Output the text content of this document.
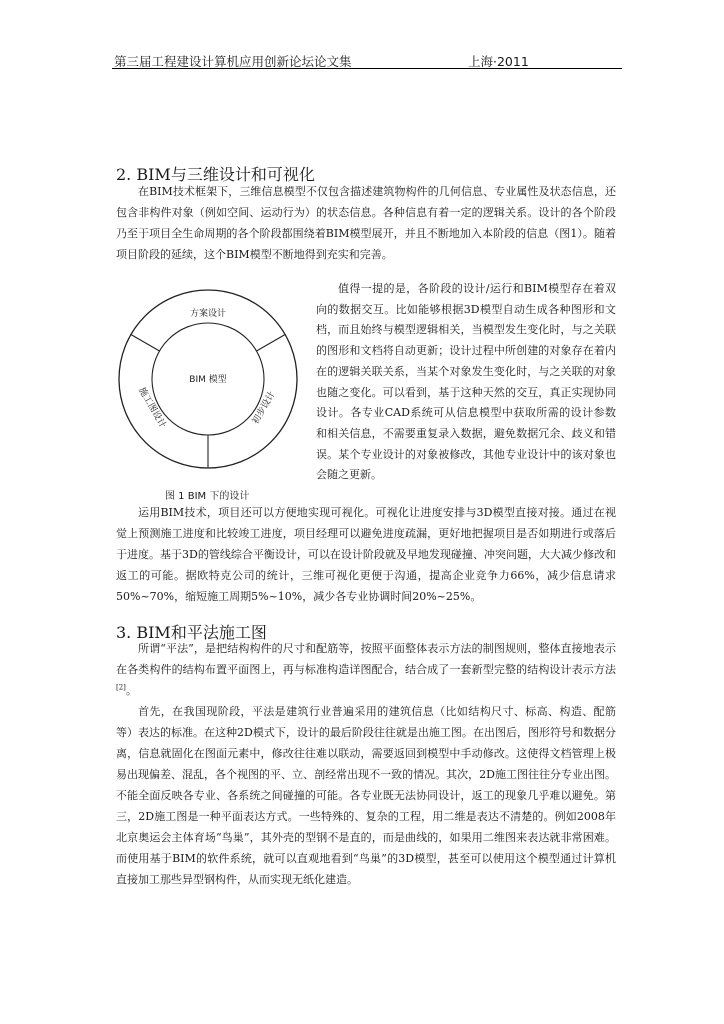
第三届工程建设计算机应用创新论坛论文集	上海·2011
2. BIM与三维设计和可视化

在BIM技术框架下，三维信息模型不仅包含描述建筑物构件的几何信息、专业属性及状态信息，还包含非构件对象（例如空间、运动行为）的状态信息。各种信息有着一定的逻辑关系。设计的各个阶段乃至于项目全生命周期的各个阶段都围绕着BIM模型展开，并且不断地加入本阶段的信息（图1）。随着项目阶段的延续，这个BIM模型不断地得到充实和完善。

BIM 模型
方案设计
施工图设计	初步设计

值得一提的是，各阶段的设计/运行和BIM模型存在着双向的数据交互。比如能够根据3D模型自动生成各种图形和文档，而且始终与模型逻辑相关，当模型发生变化时，与之关联的图形和文档将自动更新；设计过程中所创建的对象存在着内在的逻辑关联关系，当某个对象发生变化时，与之关联的对象也随之变化。可以看到，基于这种天然的交互，真正实现协同设计。各专业CAD系统可从信息模型中获取所需的设计参数和相关信息，不需要重复录入数据，避免数据冗余、歧义和错误。某个专业设计的对象被修改，其他专业设计中的该对象也会随之更新。

图 1 BIM 下的设计

运用BIM技术，项目还可以方便地实现可视化。可视化让进度安排与3D模型直接对接。通过在视觉上预测施工进度和比较竣工进度，项目经理可以避免进度疏漏，更好地把握项目是否如期进行或落后于进度。基于3D的管线综合平衡设计，可以在设计阶段就及早地发现碰撞、冲突问题，大大减少修改和返工的可能。据欧特克公司的统计，三维可视化更便于沟通，提高企业竞争力66%，减少信息请求50%~70%，缩短施工周期5%~10%，减少各专业协调时间20%~25%。

3. BIM和平法施工图

所谓“平法”，是把结构构件的尺寸和配筋等，按照平面整体表示方法的制图规则，整体直接地表示在各类构件的结构布置平面图上，再与标准构造详图配合，结合成了一套新型完整的结构设计表示方法[2]。

首先，在我国现阶段，平法是建筑行业普遍采用的建筑信息（比如结构尺寸、标高、构造、配筋等）表达的标准。在这种2D模式下，设计的最后阶段往往就是出施工图。在出图后，图形符号和数据分离，信息就固化在图面元素中，修改往往难以联动，需要返回到模型中手动修改。这使得文档管理上极易出现偏差、混乱，各个视图的平、立、剖经常出现不一致的情况。其次，2D施工图往往分专业出图。不能全面反映各专业、各系统之间碰撞的可能。各专业既无法协同设计，返工的现象几乎难以避免。第三，2D施工图是一种平面表达方式。一些特殊的、复杂的工程，用二维是表达不清楚的。例如2008年北京奥运会主体育场“鸟巢”，其外壳的型钢不是直的，而是曲线的，如果用二维图来表达就非常困难。而使用基于BIM的软件系统，就可以直观地看到“鸟巢”的3D模型，甚至可以使用这个模型通过计算机直接加工那些异型钢构件，从而实现无纸化建造。
